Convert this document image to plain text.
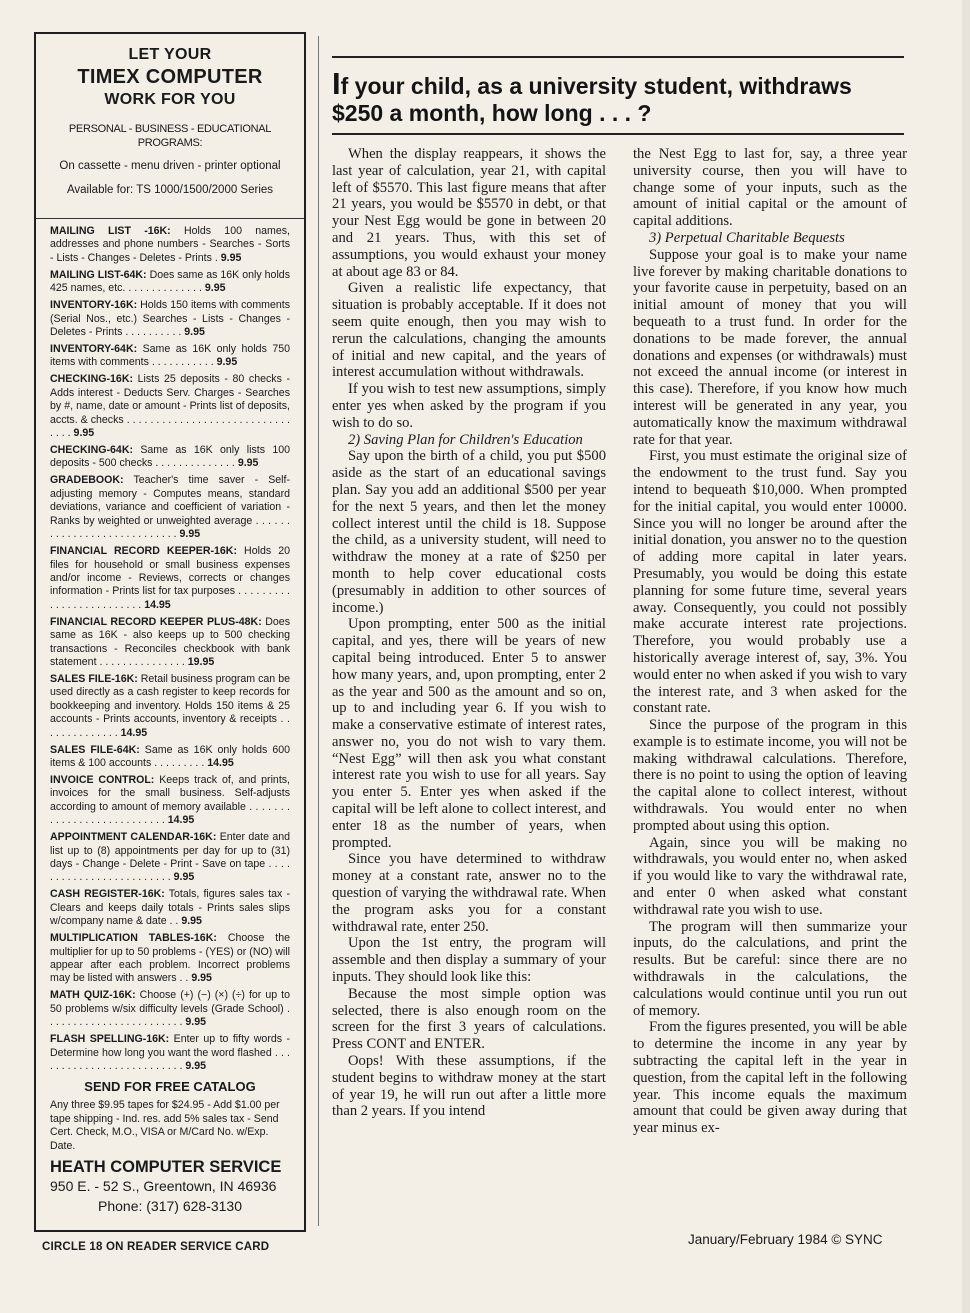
LET YOUR
TIMEX COMPUTER
WORK FOR YOU
PERSONAL - BUSINESS - EDUCATIONAL PROGRAMS:
On cassette - menu driven - printer optional
Available for: TS 1000/1500/2000 Series
MAILING LIST -16K: Holds 100 names, addresses and phone numbers - Searches - Sorts - Lists - Changes - Deletes - Prints . 9.95
MAILING LIST-64K: Does same as 16K only holds 425 names, etc. . . . . . . . . . . . . . 9.95
INVENTORY-16K: Holds 150 items with comments (Serial Nos., etc.) Searches - Lists - Changes - Deletes - Prints . . . . . . . . . . 9.95
INVENTORY-64K: Same as 16K only holds 750 items with comments . . . . . . . . . . . 9.95
CHECKING-16K: Lists 25 deposits - 80 checks - Adds interest - Deducts Serv. Charges - Searches by #, name, date or amount - Prints list of deposits, accts. & checks . . . . . . . . . . . . . . . . . . . . . . . . . . . . . . . . 9.95
CHECKING-64K: Same as 16K only lists 100 deposits - 500 checks . . . . . . . . . . . . . . 9.95
GRADEBOOK: Teacher's time saver - Self-adjusting memory - Computes means, standard deviations, variance and coefficient of variation - Ranks by weighted or unweighted average . . . . . . . . . . . . . . . . . . . . . . . . . . . . 9.95
FINANCIAL RECORD KEEPER-16K: Holds 20 files for household or small business expenses and/or income - Reviews, corrects or changes information - Prints list for tax purposes . . . . . . . . . . . . . . . . . . . . . . . . . 14.95
FINANCIAL RECORD KEEPER PLUS-48K: Does same as 16K - also keeps up to 500 checking transactions - Reconciles checkbook with bank statement . . . . . . . . . . . . . . . 19.95
SALES FILE-16K: Retail business program can be used directly as a cash register to keep records for bookkeeping and inventory. Holds 150 items & 25 accounts - Prints accounts, inventory & receipts . . . . . . . . . . . . . . 14.95
SALES FILE-64K: Same as 16K only holds 600 items & 100 accounts . . . . . . . . . 14.95
INVOICE CONTROL: Keeps track of, and prints, invoices for the small business. Self-adjusts according to amount of memory available . . . . . . . . . . . . . . . . . . . . . . . . . . . 14.95
APPOINTMENT CALENDAR-16K: Enter date and list up to (8) appointments per day for up to (31) days - Change - Delete - Print - Save on tape . . . . . . . . . . . . . . . . . . . . . . . . . 9.95
CASH REGISTER-16K: Totals, figures sales tax - Clears and keeps daily totals - Prints sales slips w/company name & date . . 9.95
MULTIPLICATION TABLES-16K: Choose the multiplier for up to 50 problems - (YES) or (NO) will appear after each problem. Incorrect problems may be listed with answers . . 9.95
MATH QUIZ-16K: Choose (+) (−) (×) (÷) for up to 50 problems w/six difficulty levels (Grade School) . . . . . . . . . . . . . . . . . . . . . . . . 9.95
FLASH SPELLING-16K: Enter up to fifty words - Determine how long you want the word flashed . . . . . . . . . . . . . . . . . . . . . . . . . . 9.95
SEND FOR FREE CATALOG
Any three $9.95 tapes for $24.95 - Add $1.00 per tape shipping - Ind. res. add 5% sales tax - Send Cert. Check, M.O., VISA or M/Card No. w/Exp. Date.
HEATH COMPUTER SERVICE
950 E. - 52 S., Greentown, IN 46936
Phone: (317) 628-3130
CIRCLE 18 ON READER SERVICE CARD
If your child, as a university student, withdraws $250 a month, how long . . . ?

When the display reappears, it shows the last year of calculation, year 21, with capital left of $5570. This last figure means that after 21 years, you would be $5570 in debt, or that your Nest Egg would be gone in between 20 and 21 years. Thus, with this set of assumptions, you would exhaust your money at about age 83 or 84.

Given a realistic life expectancy, that situation is probably acceptable. If it does not seem quite enough, then you may wish to rerun the calculations, changing the amounts of initial and new capital, and the years of interest accumulation without withdrawals.

If you wish to test new assumptions, simply enter yes when asked by the program if you wish to do so.

2) Saving Plan for Children's Education

Say upon the birth of a child, you put $500 aside as the start of an educational savings plan. Say you add an additional $500 per year for the next 5 years, and then let the money collect interest until the child is 18. Suppose the child, as a university student, will need to withdraw the money at a rate of $250 per month to help cover educational costs (presumably in addition to other sources of income.)

Upon prompting, enter 500 as the initial capital, and yes, there will be years of new capital being introduced. Enter 5 to answer how many years, and, upon prompting, enter 2 as the year and 500 as the amount and so on, up to and including year 6. If you wish to make a conservative estimate of interest rates, answer no, you do not wish to vary them. “Nest Egg” will then ask you what constant interest rate you wish to use for all years. Say you enter 5. Enter yes when asked if the capital will be left alone to collect interest, and enter 18 as the number of years, when prompted.

Since you have determined to withdraw money at a constant rate, answer no to the question of varying the withdrawal rate. When the program asks you for a constant withdrawal rate, enter 250.

Upon the 1st entry, the program will assemble and then display a summary of your inputs. They should look like this:

Because the most simple option was selected, there is also enough room on the screen for the first 3 years of calculations. Press CONT and ENTER.

Oops! With these assumptions, if the student begins to withdraw money at the start of year 19, he will run out after a little more than 2 years. If you intend

the Nest Egg to last for, say, a three year university course, then you will have to change some of your inputs, such as the amount of initial capital or the amount of capital additions.

3) Perpetual Charitable Bequests

Suppose your goal is to make your name live forever by making charitable donations to your favorite cause in perpetuity, based on an initial amount of money that you will bequeath to a trust fund. In order for the donations to be made forever, the annual donations and expenses (or withdrawals) must not exceed the annual income (or interest in this case). Therefore, if you know how much interest will be generated in any year, you automatically know the maximum withdrawal rate for that year.

First, you must estimate the original size of the endowment to the trust fund. Say you intend to bequeath $10,000. When prompted for the initial capital, you would enter 10000. Since you will no longer be around after the initial donation, you answer no to the question of adding more capital in later years. Presumably, you would be doing this estate planning for some future time, several years away. Consequently, you could not possibly make accurate interest rate projections. Therefore, you would probably use a historically average interest of, say, 3%. You would enter no when asked if you wish to vary the interest rate, and 3 when asked for the constant rate.

Since the purpose of the program in this example is to estimate income, you will not be making withdrawal calculations. Therefore, there is no point to using the option of leaving the capital alone to collect interest, without withdrawals. You would enter no when prompted about using this option.

Again, since you will be making no withdrawals, you would enter no, when asked if you would like to vary the withdrawal rate, and enter 0 when asked what constant withdrawal rate you wish to use.

The program will then summarize your inputs, do the calculations, and print the results. But be careful: since there are no withdrawals in the calculations, the calculations would continue until you run out of memory.

From the figures presented, you will be able to determine the income in any year by subtracting the capital left in the year in question, from the capital left in the following year. This income equals the maximum amount that could be given away during that year minus ex-

January/February 1984 © SYNC
